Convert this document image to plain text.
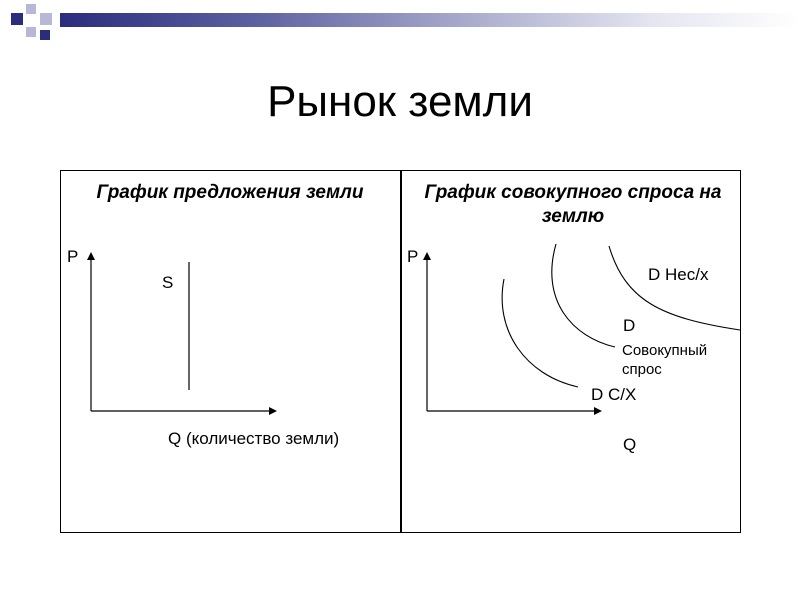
Рынок земли
График предложения земли
P
S
Q (количество земли)
График совокупного спроса на землю
P
D Нес/х
D
Совокупный спрос
D С/Х
Q
